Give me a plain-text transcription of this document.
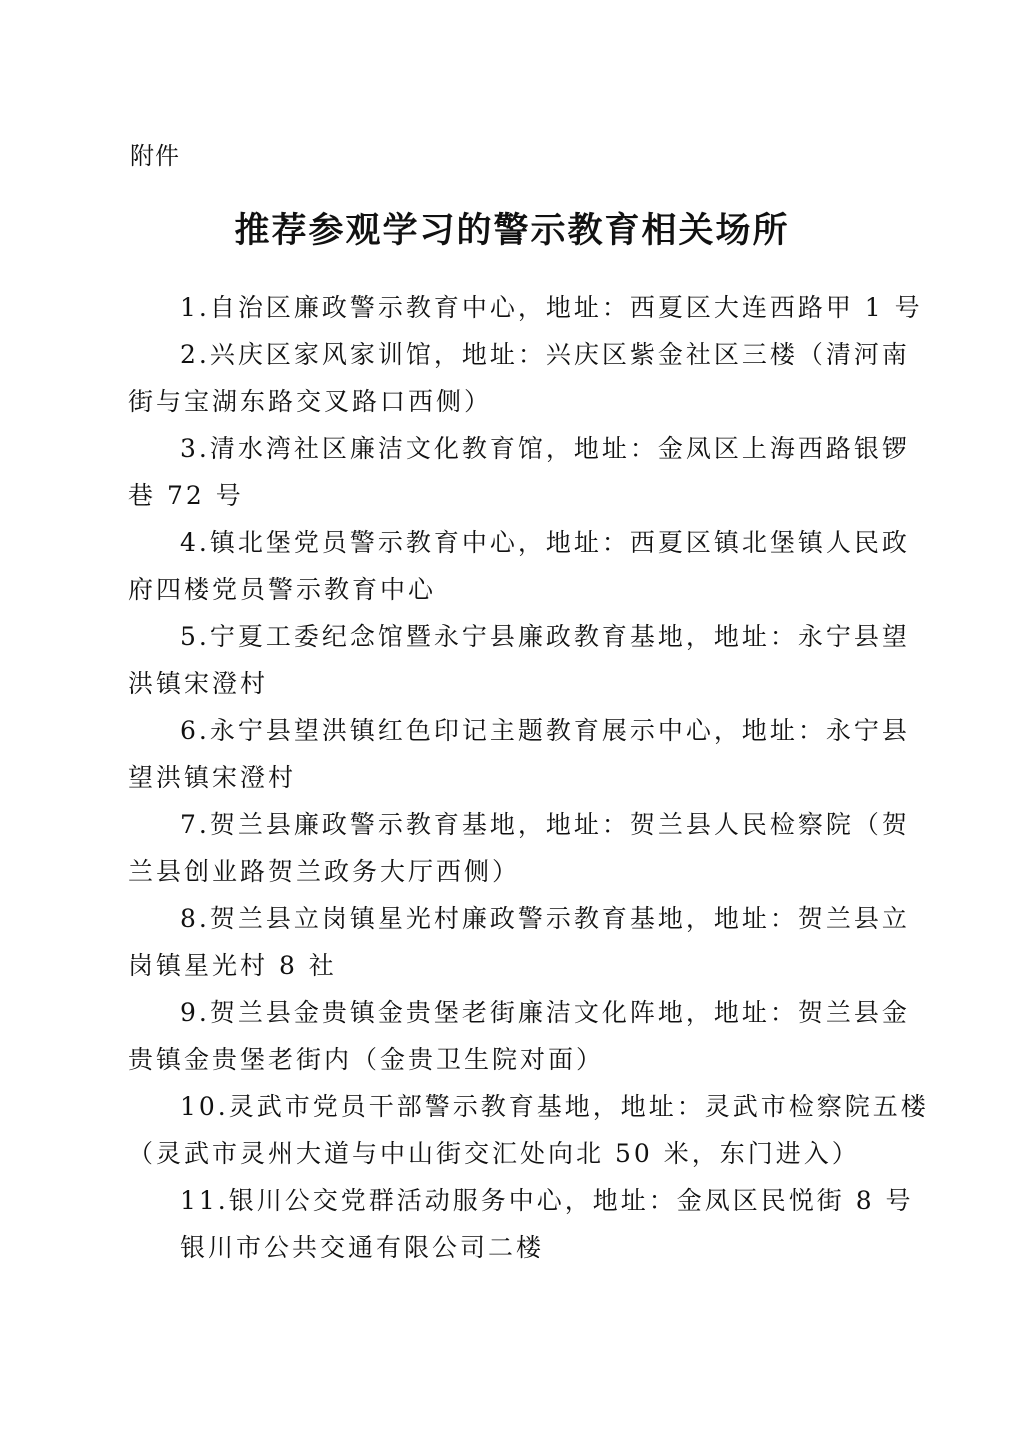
附件
推荐参观学习的警示教育相关场所

1.自治区廉政警示教育中心，地址：西夏区大连西路甲 1 号

2.兴庆区家风家训馆，地址：兴庆区紫金社区三楼（清河南
街与宝湖东路交叉路口西侧）

3.清水湾社区廉洁文化教育馆，地址：金凤区上海西路银锣
巷 72 号

4.镇北堡党员警示教育中心，地址：西夏区镇北堡镇人民政
府四楼党员警示教育中心

5.宁夏工委纪念馆暨永宁县廉政教育基地，地址：永宁县望
洪镇宋澄村

6.永宁县望洪镇红色印记主题教育展示中心，地址：永宁县
望洪镇宋澄村

7.贺兰县廉政警示教育基地，地址：贺兰县人民检察院（贺
兰县创业路贺兰政务大厅西侧）

8.贺兰县立岗镇星光村廉政警示教育基地，地址：贺兰县立
岗镇星光村 8 社

9.贺兰县金贵镇金贵堡老街廉洁文化阵地，地址：贺兰县金
贵镇金贵堡老街内（金贵卫生院对面）

10.灵武市党员干部警示教育基地，地址：灵武市检察院五楼
（灵武市灵州大道与中山街交汇处向北 50 米，东门进入）

11.银川公交党群活动服务中心，地址：金凤区民悦街 8 号
银川市公共交通有限公司二楼
